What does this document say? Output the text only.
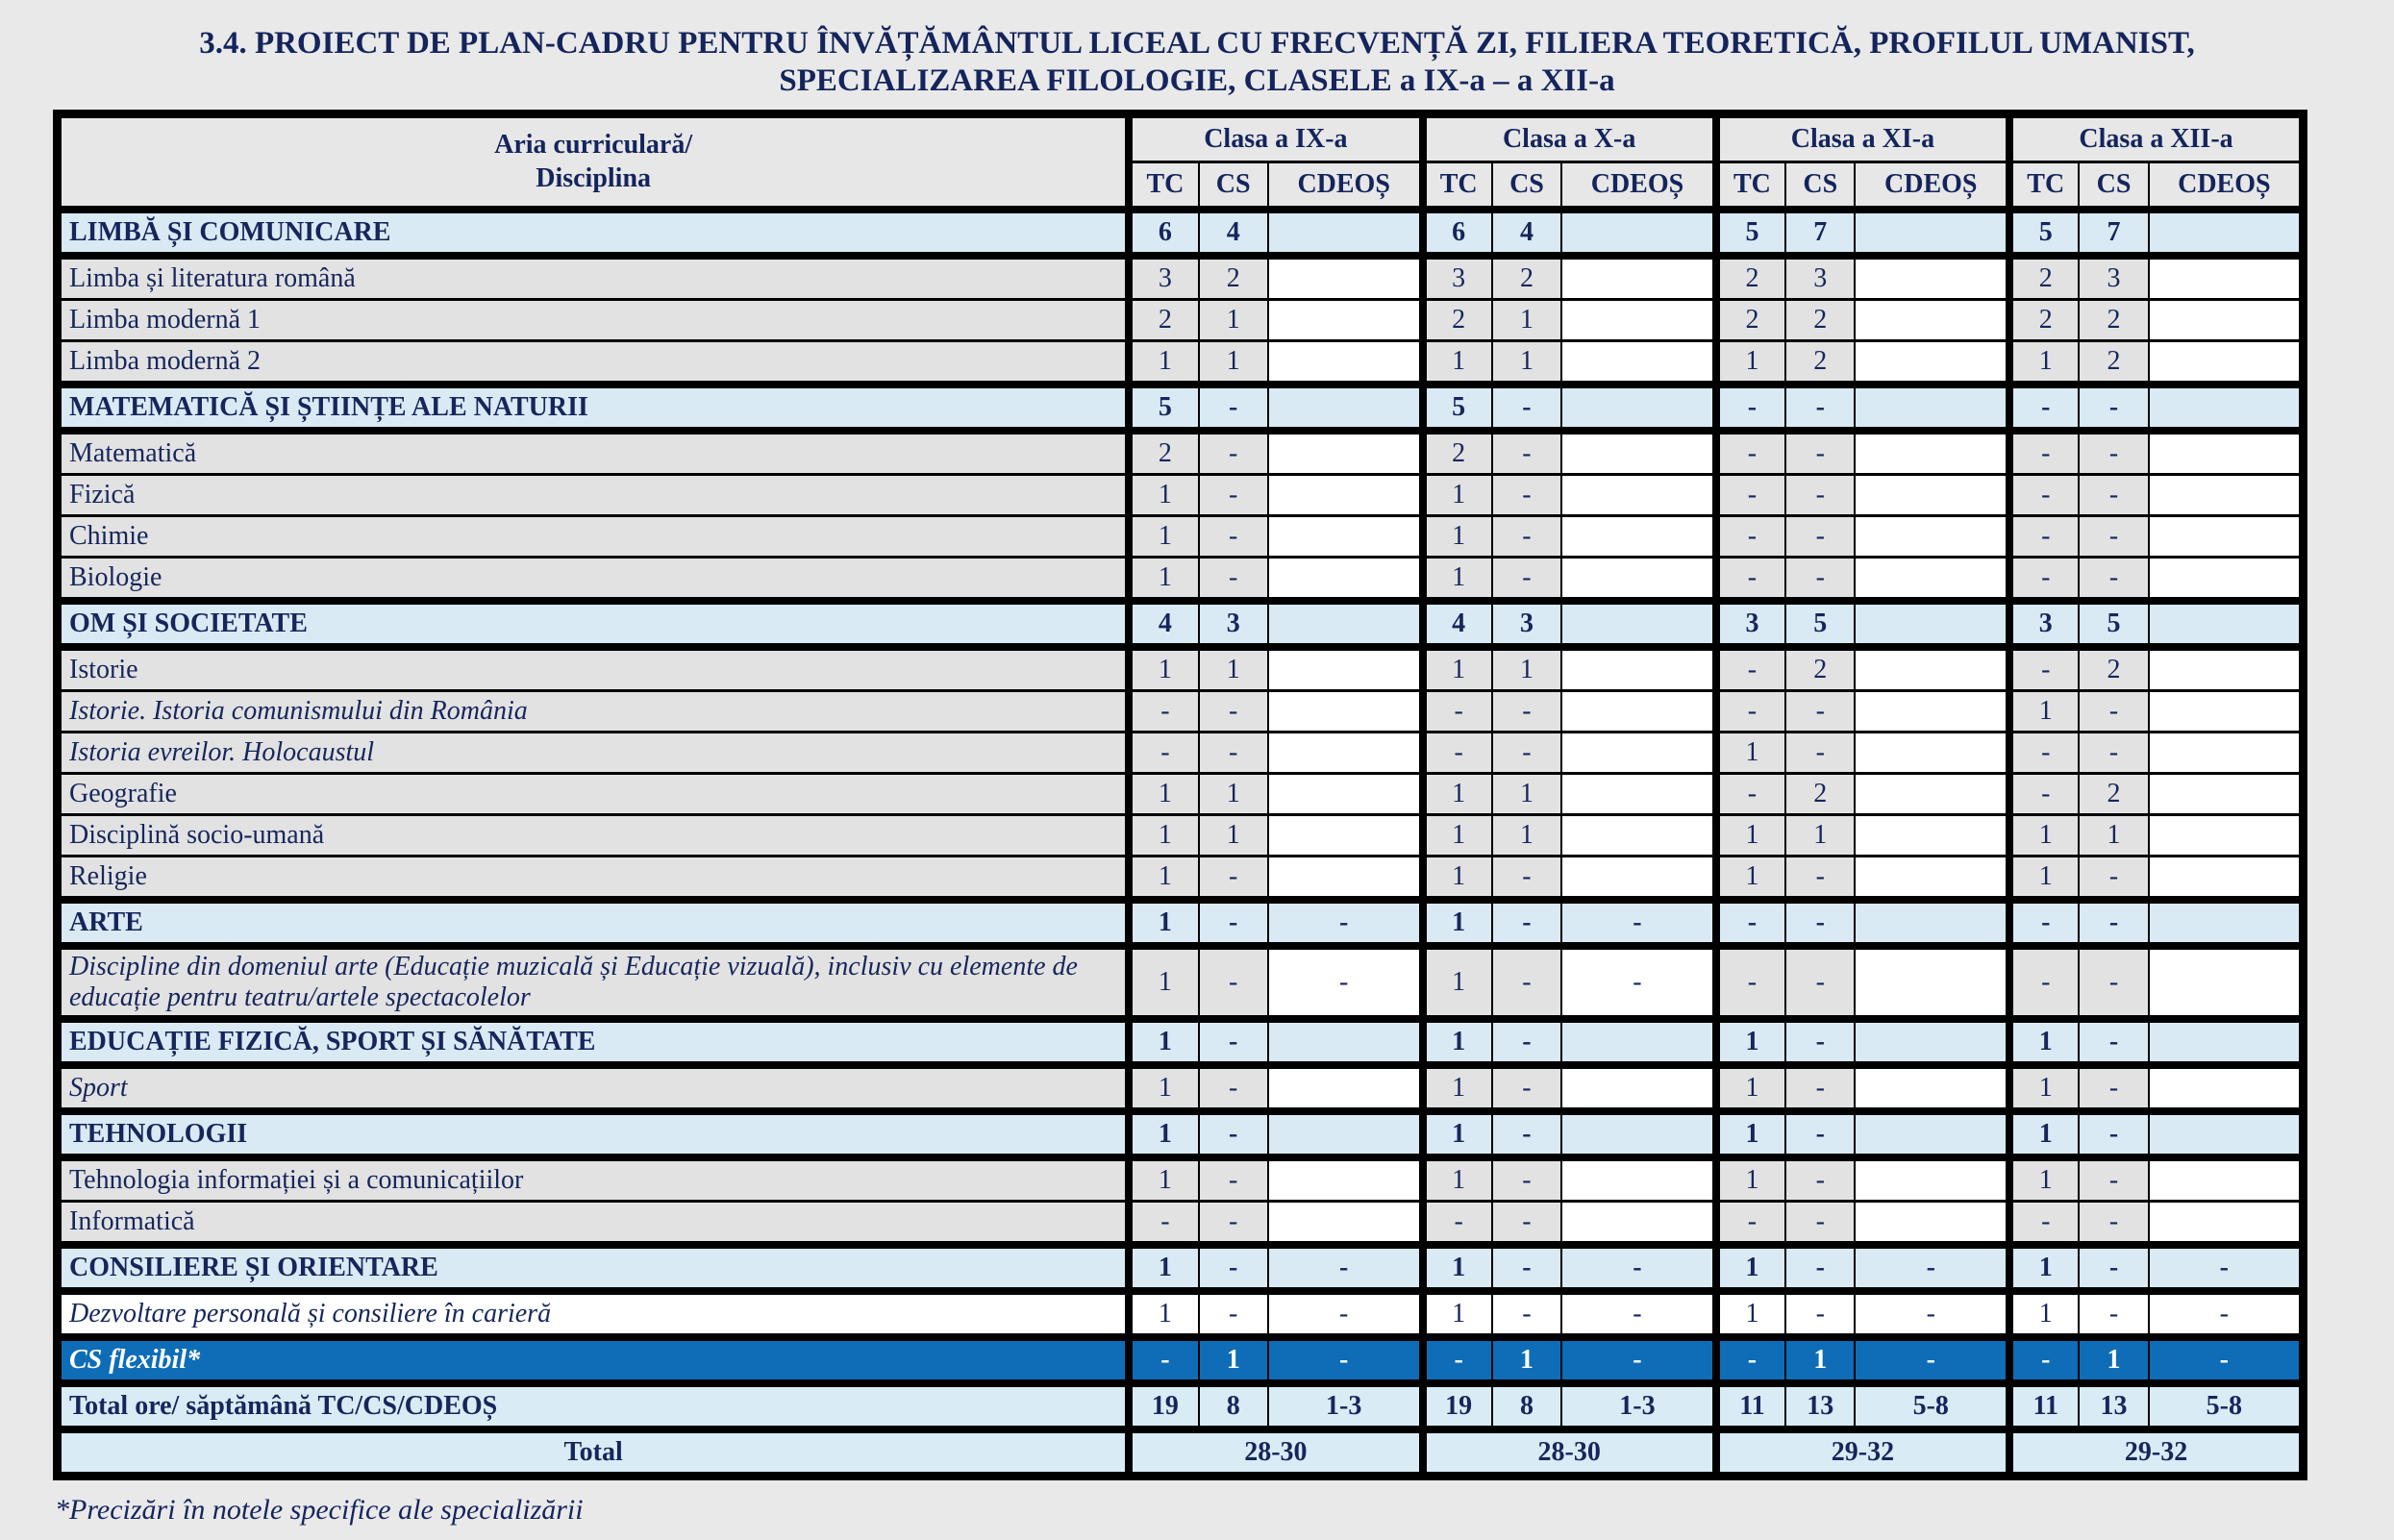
3.4. PROIECT DE PLAN-CADRU PENTRU ÎNVĂȚĂMÂNTUL LICEAL CU FRECVENȚĂ ZI, FILIERA TEORETICĂ, PROFILUL UMANIST,
SPECIALIZAREA FILOLOGIE, CLASELE a IX-a – a XII-a
Aria curriculară/
Disciplina	Clasa a IX-a			Clasa a X-a			Clasa a XI-a			Clasa a XII-a		
	TC	CS	CDEOȘ	TC	CS	CDEOȘ	TC	CS	CDEOȘ	TC	CS	CDEOȘ
LIMBĂ ȘI COMUNICARE	6	4		6	4		5	7		5	7	
Limba și literatura română	3	2		3	2		2	3		2	3	
Limba modernă 1	2	1		2	1		2	2		2	2	
Limba modernă 2	1	1		1	1		1	2		1	2	
MATEMATICĂ ȘI ȘTIINȚE ALE NATURII	5	-		5	-		-	-		-	-	
Matematică	2	-		2	-		-	-		-	-	
Fizică	1	-		1	-		-	-		-	-	
Chimie	1	-		1	-		-	-		-	-	
Biologie	1	-		1	-		-	-		-	-	
OM ȘI SOCIETATE	4	3		4	3		3	5		3	5	
Istorie	1	1		1	1		-	2		-	2	
Istorie. Istoria comunismului din România	-	-		-	-		-	-		1	-	
Istoria evreilor. Holocaustul	-	-		-	-		1	-		-	-	
Geografie	1	1		1	1		-	2		-	2	
Disciplină socio-umană	1	1		1	1		1	1		1	1	
Religie	1	-		1	-		1	-		1	-	
ARTE	1	-	-	1	-	-	-	-		-	-	
Discipline din domeniul arte (Educație muzicală și Educație vizuală), inclusiv cu elemente de educație pentru teatru/artele spectacolelor	1	-	-	1	-	-	-	-		-	-	
EDUCAȚIE FIZICĂ, SPORT ȘI SĂNĂTATE	1	-		1	-		1	-		1	-	
Sport	1	-		1	-		1	-		1	-	
TEHNOLOGII	1	-		1	-		1	-		1	-	
Tehnologia informației și a comunicațiilor	1	-		1	-		1	-		1	-	
Informatică	-	-		-	-		-	-		-	-	
CONSILIERE ȘI ORIENTARE	1	-	-	1	-	-	1	-	-	1	-	-
Dezvoltare personală și consiliere în carieră	1	-	-	1	-	-	1	-	-	1	-	-
CS flexibil*	-	1	-	-	1	-	-	1	-	-	1	-
Total ore/ săptămână TC/CS/CDEOȘ	19	8	1-3	19	8	1-3	11	13	5-8	11	13	5-8
Total	28-30			28-30			29-32			29-32		
*Precizări în notele specifice ale specializării
